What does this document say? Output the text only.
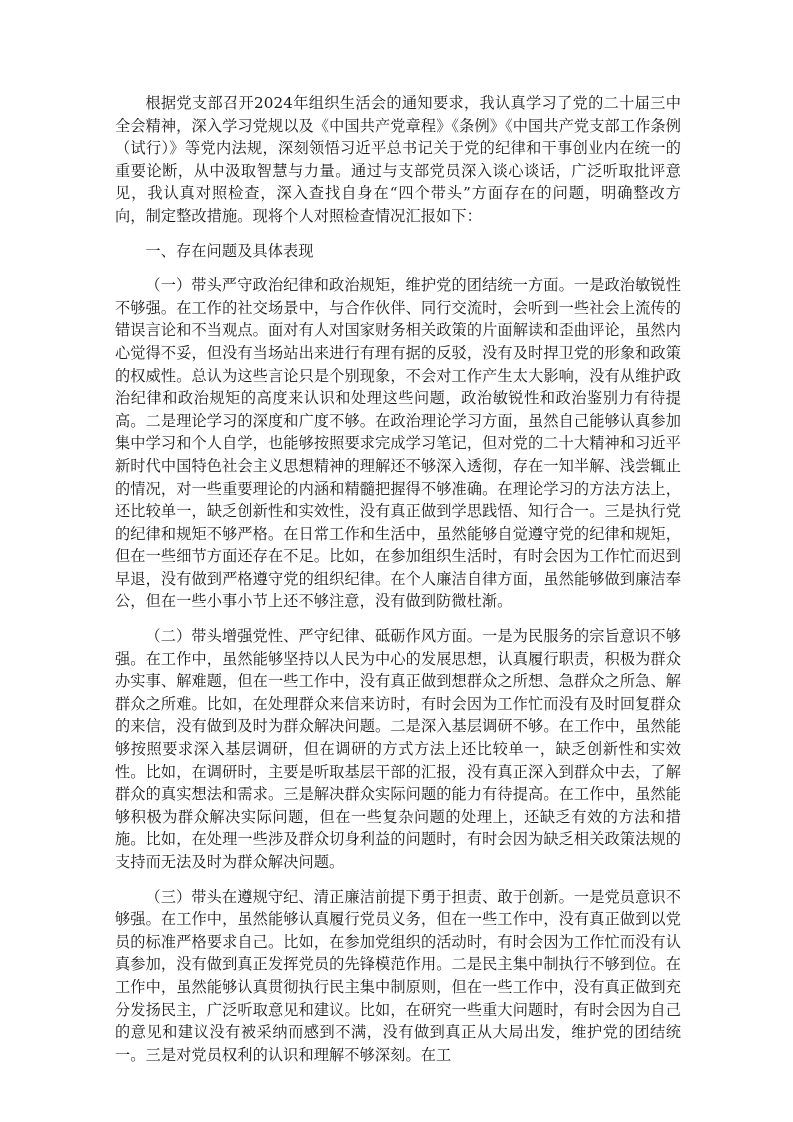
根据党支部召开2024年组织生活会的通知要求，我认真学习了党的二十届三中全会精神，深入学习党规以及《中国共产党章程》《条例》《中国共产党支部工作条例（试行）》等党内法规，深刻领悟习近平总书记关于党的纪律和干事创业内在统一的重要论断，从中汲取智慧与力量。通过与支部党员深入谈心谈话，广泛听取批评意见，我认真对照检查，深入查找自身在“四个带头”方面存在的问题，明确整改方向，制定整改措施。现将个人对照检查情况汇报如下：

一、存在问题及具体表现

（一）带头严守政治纪律和政治规矩，维护党的团结统一方面。一是政治敏锐性不够强。在工作的社交场景中，与合作伙伴、同行交流时，会听到一些社会上流传的错误言论和不当观点。面对有人对国家财务相关政策的片面解读和歪曲评论，虽然内心觉得不妥，但没有当场站出来进行有理有据的反驳，没有及时捍卫党的形象和政策的权威性。总认为这些言论只是个别现象，不会对工作产生太大影响，没有从维护政治纪律和政治规矩的高度来认识和处理这些问题，政治敏锐性和政治鉴别力有待提高。二是理论学习的深度和广度不够。在政治理论学习方面，虽然自己能够认真参加集中学习和个人自学，也能够按照要求完成学习笔记，但对党的二十大精神和习近平新时代中国特色社会主义思想精神的理解还不够深入透彻，存在一知半解、浅尝辄止的情况，对一些重要理论的内涵和精髓把握得不够准确。在理论学习的方法方法上，还比较单一，缺乏创新性和实效性，没有真正做到学思践悟、知行合一。三是执行党的纪律和规矩不够严格。在日常工作和生活中，虽然能够自觉遵守党的纪律和规矩，但在一些细节方面还存在不足。比如，在参加组织生活时，有时会因为工作忙而迟到早退，没有做到严格遵守党的组织纪律。在个人廉洁自律方面，虽然能够做到廉洁奉公，但在一些小事小节上还不够注意，没有做到防微杜渐。

（二）带头增强党性、严守纪律、砥砺作风方面。一是为民服务的宗旨意识不够强。在工作中，虽然能够坚持以人民为中心的发展思想，认真履行职责，积极为群众办实事、解难题，但在一些工作中，没有真正做到想群众之所想、急群众之所急、解群众之所难。比如，在处理群众来信来访时，有时会因为工作忙而没有及时回复群众的来信，没有做到及时为群众解决问题。二是深入基层调研不够。在工作中，虽然能够按照要求深入基层调研，但在调研的方式方法上还比较单一，缺乏创新性和实效性。比如，在调研时，主要是听取基层干部的汇报，没有真正深入到群众中去，了解群众的真实想法和需求。三是解决群众实际问题的能力有待提高。在工作中，虽然能够积极为群众解决实际问题，但在一些复杂问题的处理上，还缺乏有效的方法和措施。比如，在处理一些涉及群众切身利益的问题时，有时会因为缺乏相关政策法规的支持而无法及时为群众解决问题。

（三）带头在遵规守纪、清正廉洁前提下勇于担责、敢于创新。一是党员意识不够强。在工作中，虽然能够认真履行党员义务，但在一些工作中，没有真正做到以党员的标准严格要求自己。比如，在参加党组织的活动时，有时会因为工作忙而没有认真参加，没有做到真正发挥党员的先锋模范作用。二是民主集中制执行不够到位。在工作中，虽然能够认真贯彻执行民主集中制原则，但在一些工作中，没有真正做到充分发扬民主，广泛听取意见和建议。比如，在研究一些重大问题时，有时会因为自己的意见和建议没有被采纳而感到不满，没有做到真正从大局出发，维护党的团结统一。三是对党员权利的认识和理解不够深刻。在工
